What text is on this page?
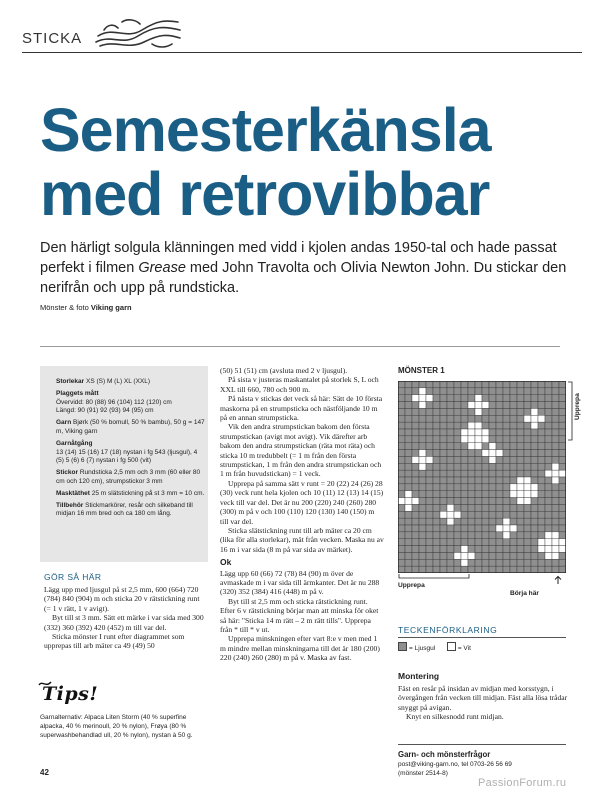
STICKA
Semesterkänsla
med retrovibbar
Den härligt solgula klänningen med vidd i kjolen andas 1950-tal och hade passat perfekt i filmen Grease med John Travolta och Olivia Newton John. Du stickar den nerifrån och upp på rundsticka.
Mönster & foto Viking garn

Storlekar XS (S) M (L) XL (XXL)

Plaggets mått
Övervidd: 80 (88) 96 (104) 112 (120) cm
Längd: 90 (91) 92 (93) 94 (95) cm

Garn Bjørk (50 % bomull, 50 % bambu), 50 g = 147 m, Viking garn

Garnåtgång
13 (14) 15 (16) 17 (18) nystan i fg 543 (ljusgul), 4 (5) 5 (6) 6 (7) nystan i fg 500 (vit)

Stickor Rundsticka 2,5 mm och 3 mm (60 eller 80 cm och 120 cm), strumpstickor 3 mm

Masktäthet 25 m slätstickning på st 3 mm = 10 cm.

Tillbehör Stickmarkörer, resår och silkeband till midjan 16 mm bred och ca 180 cm lång.

GÖR SÅ HÄR

Lägg upp med ljusgul på st 2,5 mm, 600 (664) 720 (784) 840 (904) m och sticka 20 v rätstickning runt (= 1 v rätt, 1 v avigt).

Byt till st 3 mm. Sätt ett märke i var sida med 300 (332) 360 (392) 420 (452) m till var del.

Sticka mönster I runt efter diagrammet som upprepas till arb mäter ca 49 (49) 50

Tips!
Garnalternativ: Alpaca Liten Storm (40 % superfine alpacka, 40 % merinoull, 20 % nylon), Frøya (80 % superwashbehandlad ull, 20 % nylon), nystan à 50 g.

(50) 51 (51) cm (avsluta med 2 v ljusgul).

På sista v justeras maskantalet på storlek S, L och XXL till 660, 780 och 900 m.

På nästa v stickas det veck så här: Sätt de 10 första maskorna på en strumpsticka och nästföljande 10 m på en annan strumpsticka.

Vik den andra strumpstickan bakom den första strumpstickan (avigt mot avigt). Vik därefter arb bakom den andra strumpstickan (räta mot räta) och sticka 10 m tredubbelt (= 1 m från den första strumpstickan, 1 m från den andra strumpstickan och 1 m från huvudstickan) = 1 veck.

Upprepa på samma sätt v runt = 20 (22) 24 (26) 28 (30) veck runt hela kjolen och 10 (11) 12 (13) 14 (15) veck till var del. Det är nu 200 (220) 240 (260) 280 (300) m på v och 100 (110) 120 (130) 140 (150) m till var del.

Sticka slätstickning runt till arb mäter ca 20 cm (lika för alla storlekar), mät från vecken. Maska nu av 16 m i var sida (8 m på var sida av märket).

Ok

Lägg upp 60 (66) 72 (78) 84 (90) m över de avmaskade m i var sida till ärmkanter. Det är nu 288 (320) 352 (384) 416 (448) m på v.

Byt till st 2,5 mm och sticka rätstickning runt. Efter 6 v rätstickning börjar man att minska för oket så här: "Sticka 14 m rätt – 2 m rätt tills". Upprepa från * till * v ut.

Upprepa minskningen efter vart 8:e v men med 1 m mindre mellan minskningarna till det är 180 (200) 220 (240) 260 (280) m på v. Maska av fast.

MÖNSTER 1
Upprepa
Upprepa
Börja här
TECKENFÖRKLARING
= Ljusgul	= Vit
Montering

Fäst en resår på insidan av midjan med korsstygn, i övergången från vecken till midjan. Fäst alla lösa trådar snyggt på avigan.

Knyt en silkesnodd runt midjan.

Garn- och mönsterfrågor
post@viking-garn.no, tel 0703-26 56 69
(mönster 2514-8)
42
PassionForum.ru
